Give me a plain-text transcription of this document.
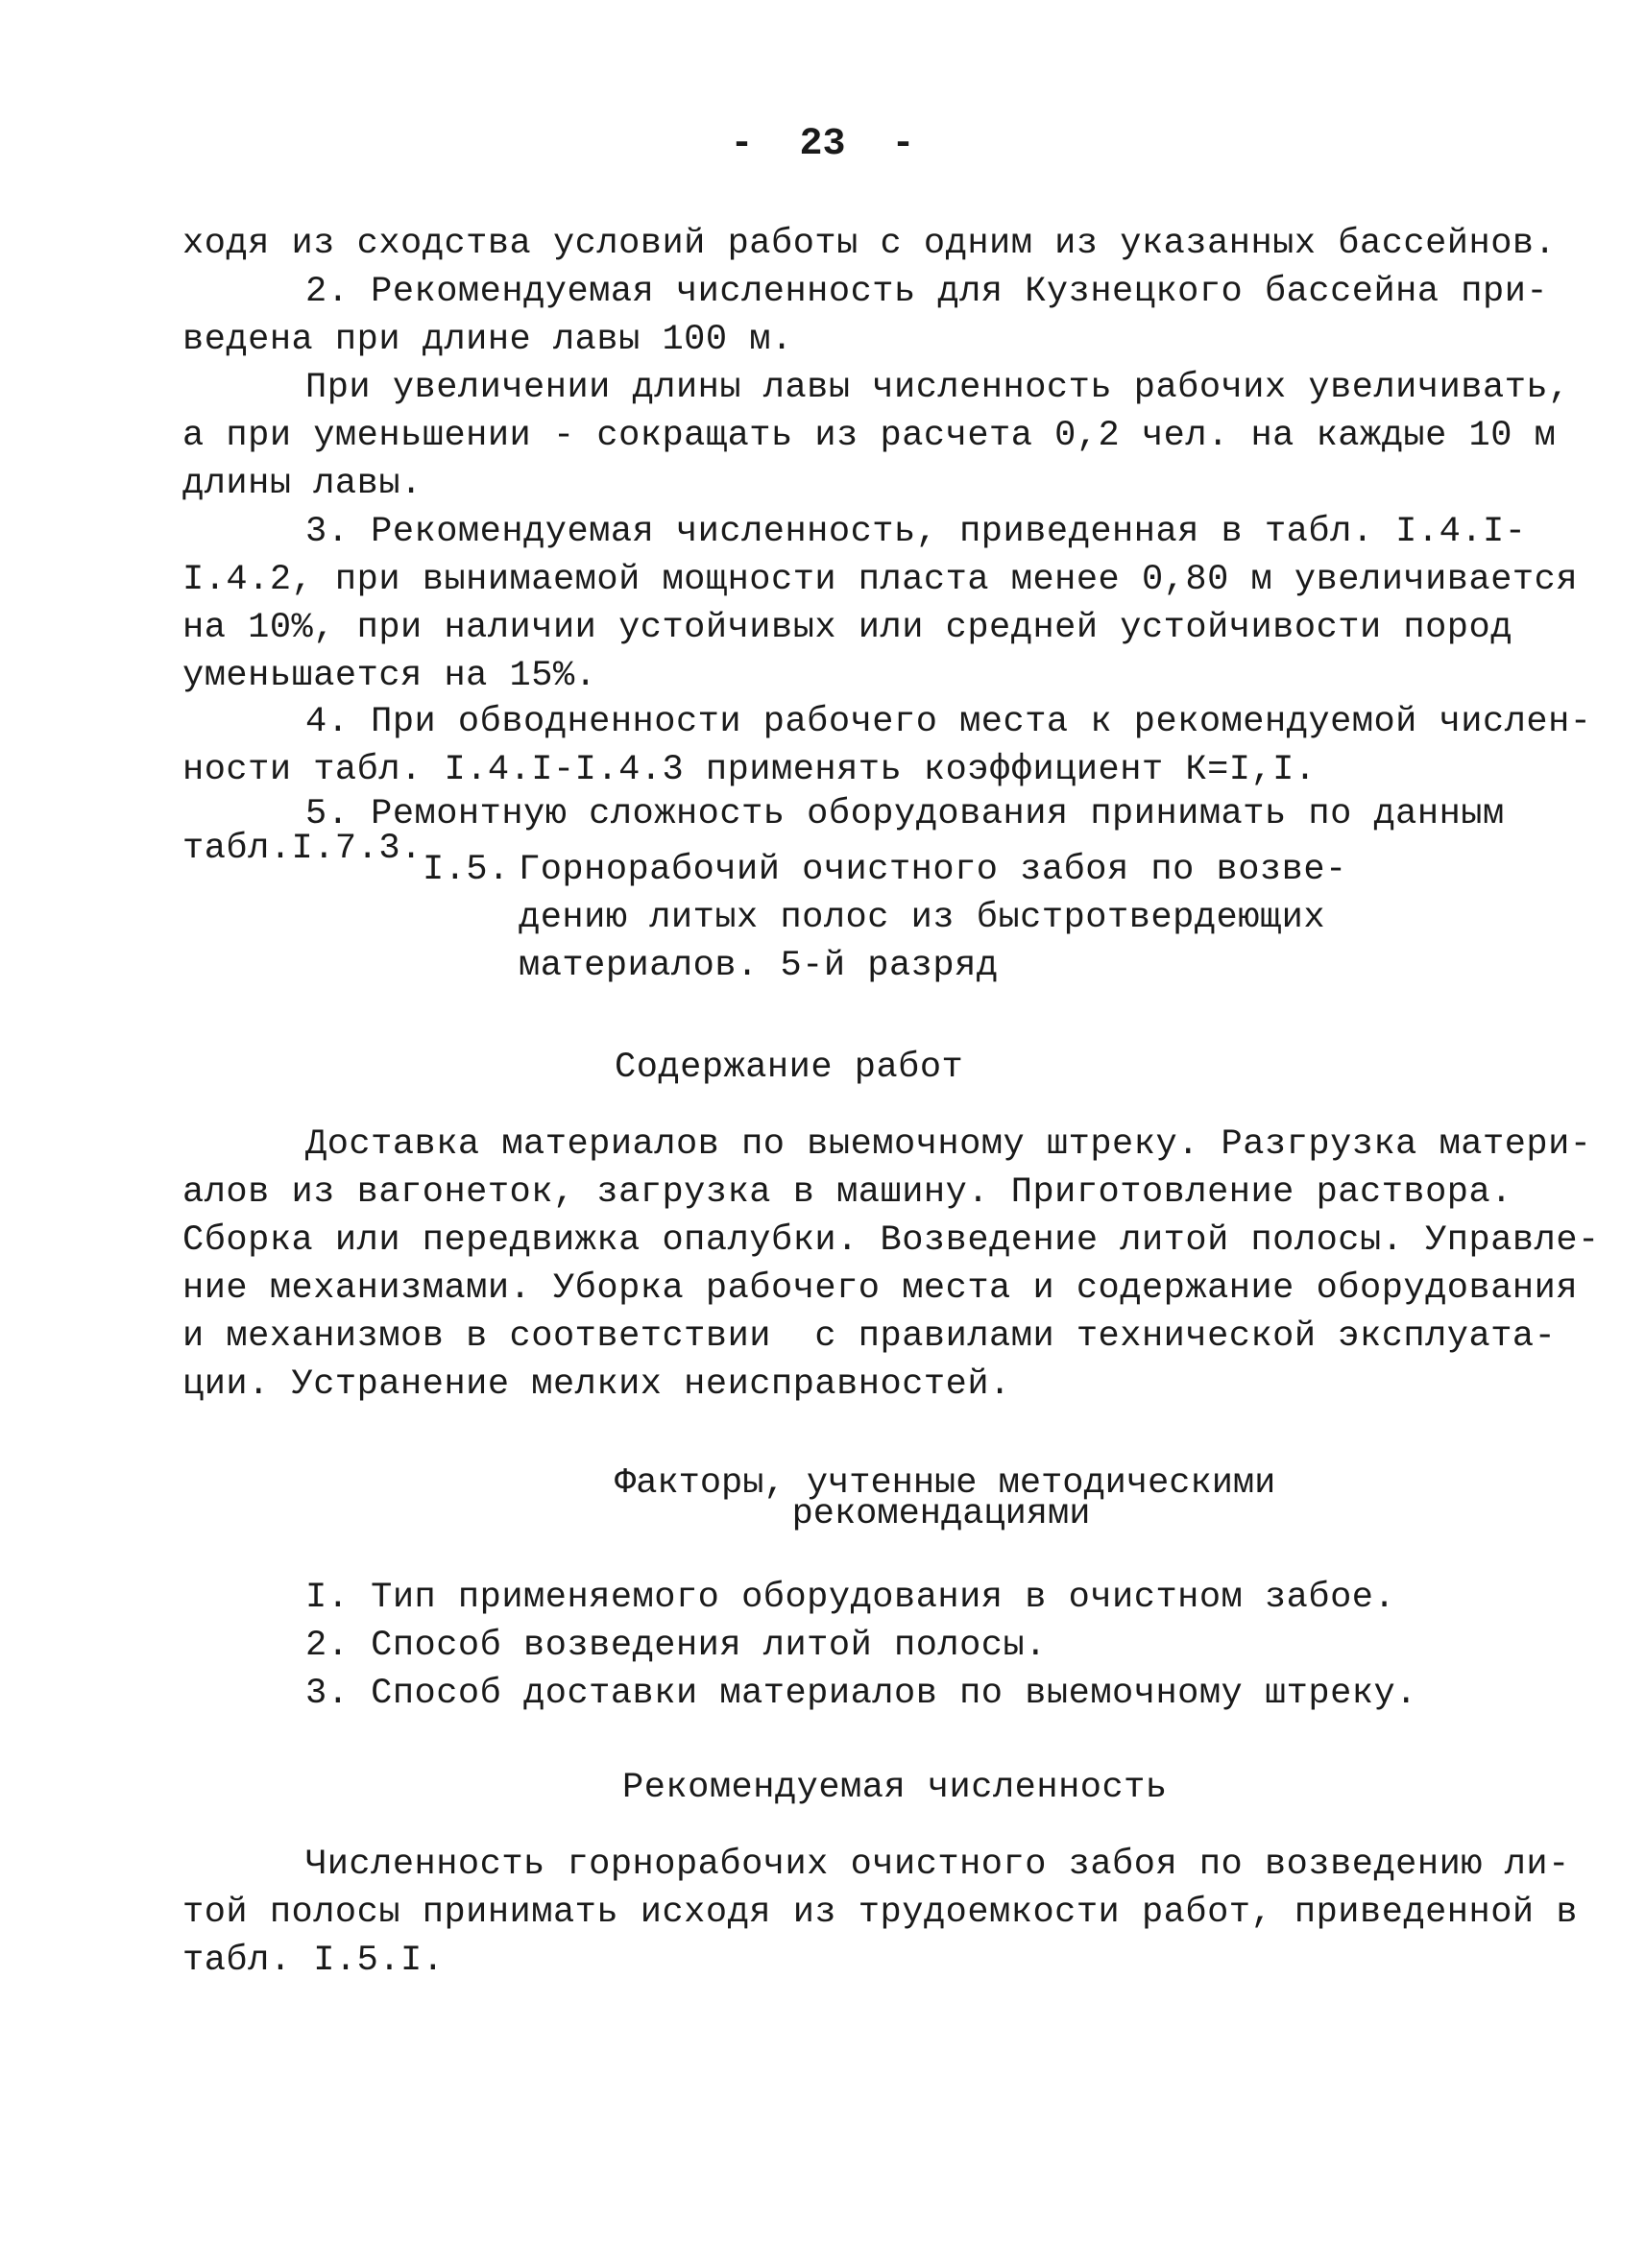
-  23  -
ходя из сходства условий работы с одним из указанных бассейнов.
2. Рекомендуемая численность для Кузнецкого бассейна при-
ведена при длине лавы 100 м.
При увеличении длины лавы численность рабочих увеличивать,
а при уменьшении - сокращать из расчета 0,2 чел. на каждые 10 м
длины лавы.
3. Рекомендуемая численность, приведенная в табл. I.4.I-
I.4.2, при вынимаемой мощности пласта менее 0,80 м увеличивается
на 10%, при наличии устойчивых или средней устойчивости пород
уменьшается на 15%.
4. При обводненности рабочего места к рекомендуемой числен-
ности табл. I.4.I-I.4.3 применять коэффициент К=I,I.
5. Ремонтную сложность оборудования принимать по данным
табл.I.7.3.
I.5. Горнорабочий очистного забоя по возве-
дению литых полос из быстротвердеющих
материалов. 5-й разряд
Содержание работ
Доставка материалов по выемочному штреку. Разгрузка матери-
алов из вагонеток, загрузка в машину. Приготовление раствора.
Сборка или передвижка опалубки. Возведение литой полосы. Управле-
ние механизмами. Уборка рабочего места и содержание оборудования
и механизмов в соответствии  с правилами технической эксплуата-
ции. Устранение мелких неисправностей.
Факторы, учтенные методическими
рекомендациями
I. Тип применяемого оборудования в очистном забое.
2. Способ возведения литой полосы.
3. Способ доставки материалов по выемочному штреку.
Рекомендуемая численность
Численность горнорабочих очистного забоя по возведению ли-
той полосы принимать исходя из трудоемкости работ, приведенной в
табл. I.5.I.
